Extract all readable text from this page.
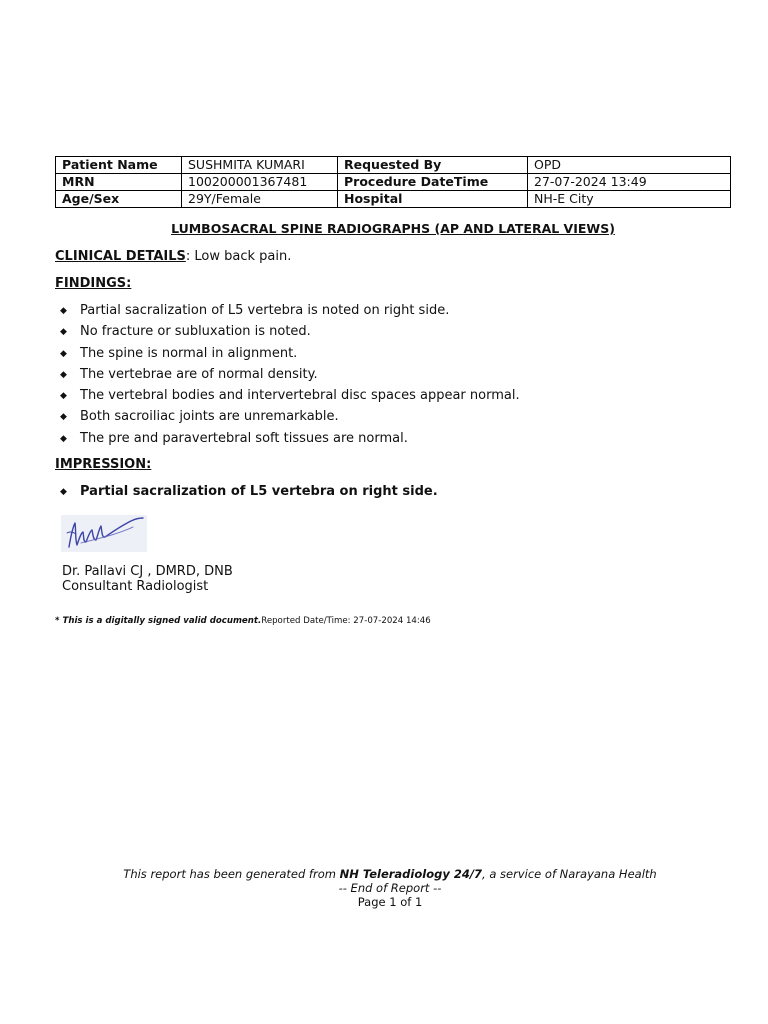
Patient Name	SUSHMITA KUMARI	Requested By	OPD
MRN	100200001367481	Procedure DateTime	27-07-2024 13:49
Age/Sex	29Y/Female	Hospital	NH-E City
LUMBOSACRAL SPINE RADIOGRAPHS (AP AND LATERAL VIEWS)
CLINICAL DETAILS: Low back pain.
FINDINGS:
◆ Partial sacralization of L5 vertebra is noted on right side.
◆ No fracture or subluxation is noted.
◆ The spine is normal in alignment.
◆ The vertebrae are of normal density.
◆ The vertebral bodies and intervertebral disc spaces appear normal.
◆ Both sacroiliac joints are unremarkable.
◆ The pre and paravertebral soft tissues are normal.
IMPRESSION:
◆ Partial sacralization of L5 vertebra on right side.
Dr. Pallavi CJ , DMRD, DNB
Consultant Radiologist
* This is a digitally signed valid document.Reported Date/Time: 27-07-2024 14:46
This report has been generated from NH Teleradiology 24/7, a service of Narayana Health
-- End of Report --
Page 1 of 1
